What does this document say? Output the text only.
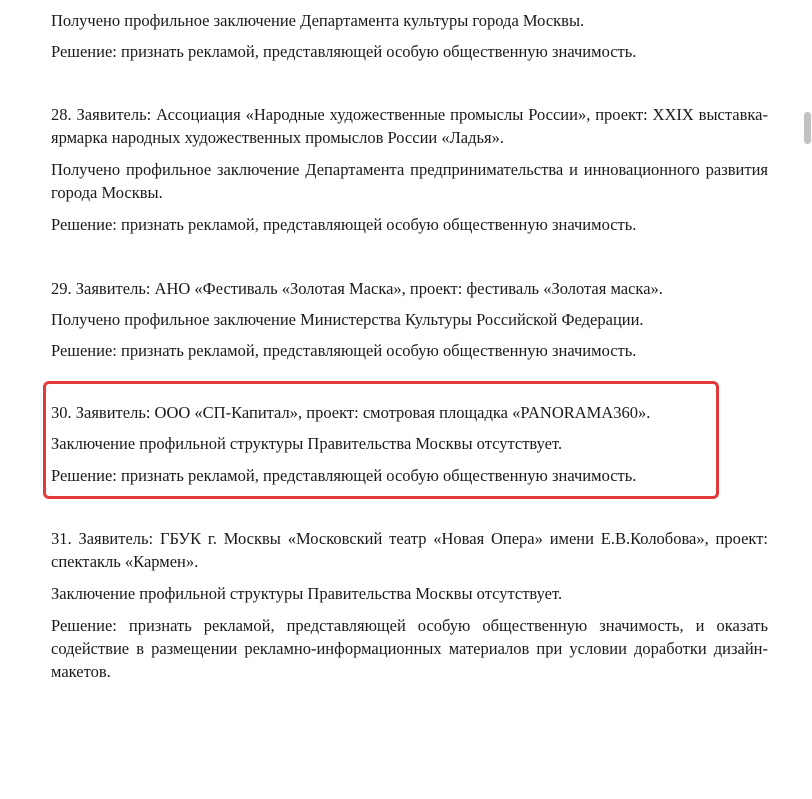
Получено профильное заключение Департамента культуры города Москвы.

Решение: признать рекламой, представляющей особую общественную значимость.

28. Заявитель: Ассоциация «Народные художественные промыслы России», проект: XXIX выставка-ярмарка народных художественных промыслов России «Ладья».

Получено профильное заключение Департамента предпринимательства и инновационного развития города Москвы.

Решение: признать рекламой, представляющей особую общественную значимость.

29. Заявитель: АНО «Фестиваль «Золотая Маска», проект: фестиваль «Золотая маска».

Получено профильное заключение Министерства Культуры Российской Федерации.

Решение: признать рекламой, представляющей особую общественную значимость.

30. Заявитель: ООО «СП-Капитал», проект: смотровая площадка «PANORAMA360».

Заключение профильной структуры Правительства Москвы отсутствует.

Решение: признать рекламой, представляющей особую общественную значимость.

31. Заявитель: ГБУК г. Москвы «Московский театр «Новая Опера» имени Е.В.Колобова», проект: спектакль «Кармен».

Заключение профильной структуры Правительства Москвы отсутствует.

Решение: признать рекламой, представляющей особую общественную значимость, и оказать содействие в размещении рекламно-информационных материалов при условии доработки дизайн-макетов.
